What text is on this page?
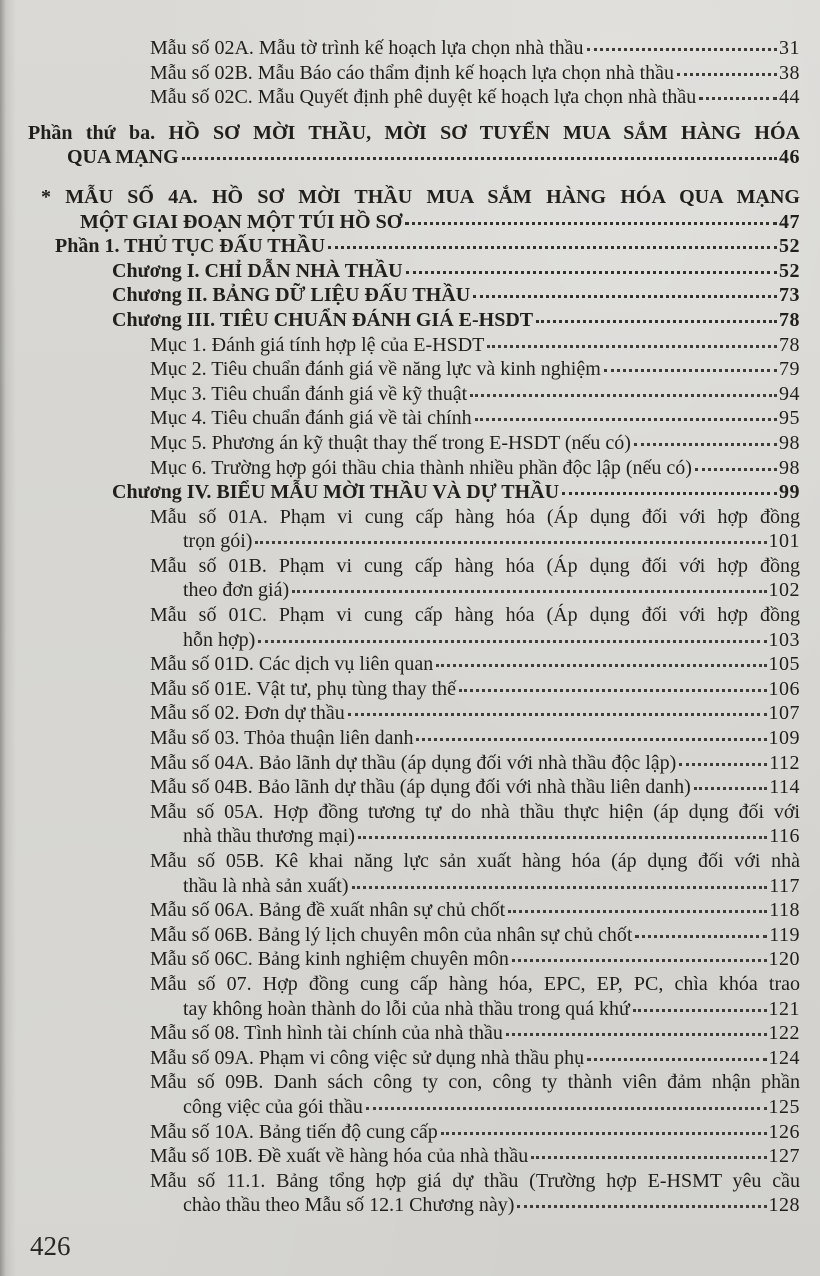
Mẫu số 02A. Mẫu tờ trình kế hoạch lựa chọn nhà thầu	31
Mẫu số 02B. Mẫu Báo cáo thẩm định kế hoạch lựa chọn nhà thầu	38
Mẫu số 02C. Mẫu Quyết định phê duyệt kế hoạch lựa chọn nhà thầu	44
Phần thứ ba. HỒ SƠ MỜI THẦU, MỜI SƠ TUYỂN MUA SẮM HÀNG HÓA
QUA MẠNG	46
* MẪU SỐ 4A. HỒ SƠ MỜI THẦU MUA SẮM HÀNG HÓA QUA MẠNG
MỘT GIAI ĐOẠN MỘT TÚI HỒ SƠ	47
Phần 1. THỦ TỤC ĐẤU THẦU	52
Chương I. CHỈ DẪN NHÀ THẦU	52
Chương II. BẢNG DỮ LIỆU ĐẤU THẦU	73
Chương III. TIÊU CHUẨN ĐÁNH GIÁ E-HSDT	78
Mục 1. Đánh giá tính hợp lệ của E-HSDT	78
Mục 2. Tiêu chuẩn đánh giá về năng lực và kinh nghiệm	79
Mục 3. Tiêu chuẩn đánh giá về kỹ thuật	94
Mục 4. Tiêu chuẩn đánh giá về tài chính	95
Mục 5. Phương án kỹ thuật thay thế trong E-HSDT (nếu có)	98
Mục 6. Trường hợp gói thầu chia thành nhiều phần độc lập (nếu có)	98
Chương IV. BIỂU MẪU MỜI THẦU VÀ DỰ THẦU	99
Mẫu số 01A. Phạm vi cung cấp hàng hóa (Áp dụng đối với hợp đồng
trọn gói)	101
Mẫu số 01B. Phạm vi cung cấp hàng hóa (Áp dụng đối với hợp đồng
theo đơn giá)	102
Mẫu số 01C. Phạm vi cung cấp hàng hóa (Áp dụng đối với hợp đồng
hỗn hợp)	103
Mẫu số 01D. Các dịch vụ liên quan	105
Mẫu số 01E. Vật tư, phụ tùng thay thế	106
Mẫu số 02. Đơn dự thầu	107
Mẫu số 03. Thỏa thuận liên danh	109
Mẫu số 04A. Bảo lãnh dự thầu (áp dụng đối với nhà thầu độc lập)	112
Mẫu số 04B. Bảo lãnh dự thầu (áp dụng đối với nhà thầu liên danh)	114
Mẫu số 05A. Hợp đồng tương tự do nhà thầu thực hiện (áp dụng đối với
nhà thầu thương mại)	116
Mẫu số 05B. Kê khai năng lực sản xuất hàng hóa (áp dụng đối với nhà
thầu là nhà sản xuất)	117
Mẫu số 06A. Bảng đề xuất nhân sự chủ chốt	118
Mẫu số 06B. Bảng lý lịch chuyên môn của nhân sự chủ chốt	119
Mẫu số 06C. Bảng kinh nghiệm chuyên môn	120
Mẫu số 07. Hợp đồng cung cấp hàng hóa, EPC, EP, PC, chìa khóa trao
tay không hoàn thành do lỗi của nhà thầu trong quá khứ	121
Mẫu số 08. Tình hình tài chính của nhà thầu	122
Mẫu số 09A. Phạm vi công việc sử dụng nhà thầu phụ	124
Mẫu số 09B. Danh sách công ty con, công ty thành viên đảm nhận phần
công việc của gói thầu	125
Mẫu số 10A. Bảng tiến độ cung cấp	126
Mẫu số 10B. Đề xuất về hàng hóa của nhà thầu	127
Mẫu số 11.1. Bảng tổng hợp giá dự thầu (Trường hợp E-HSMT yêu cầu
chào thầu theo Mẫu số 12.1 Chương này)	128
426
